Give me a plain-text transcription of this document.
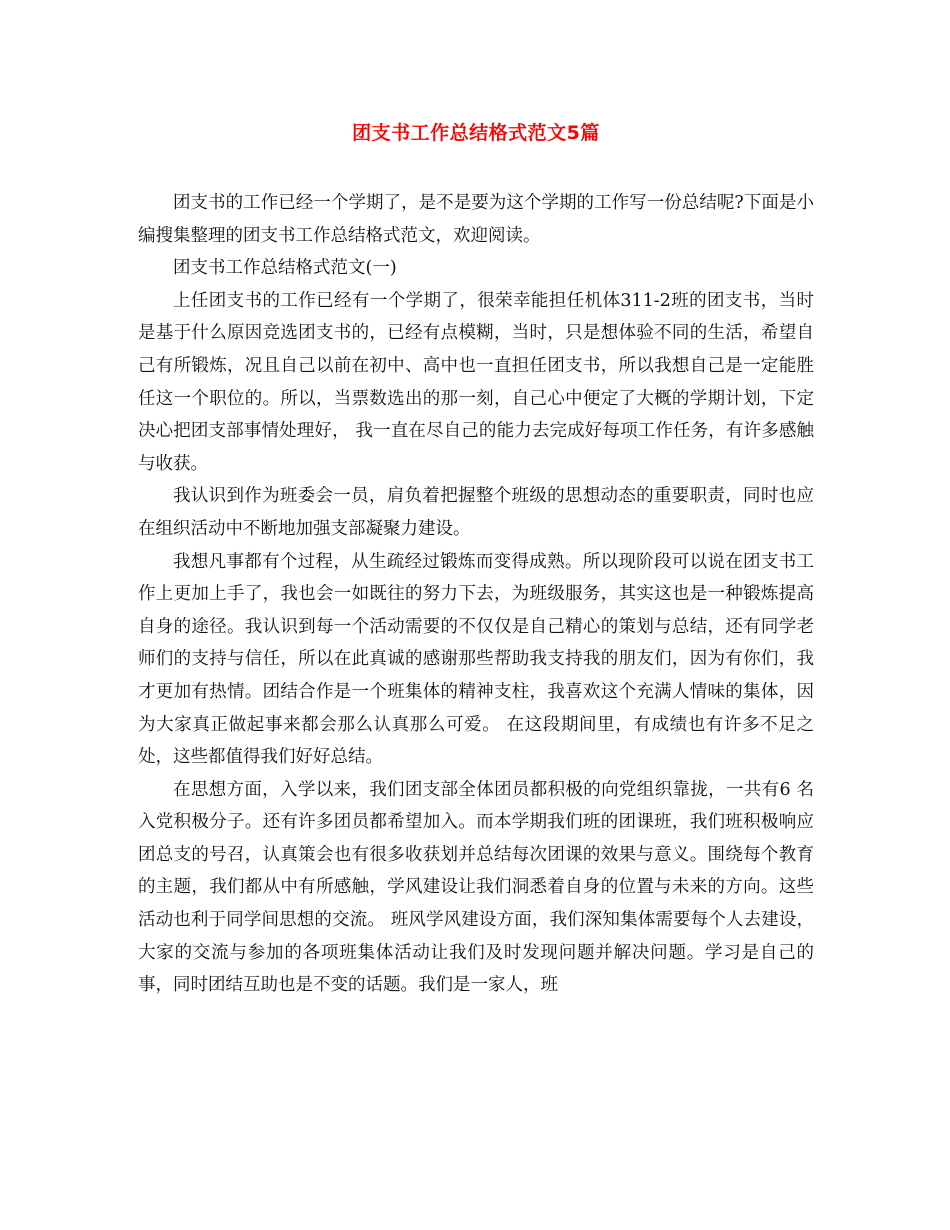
团支书工作总结格式范文5篇

团支书的工作已经一个学期了，是不是要为这个学期的工作写一份总结呢?下面是小编搜集整理的团支书工作总结格式范文，欢迎阅读。

团支书工作总结格式范文(一)

上任团支书的工作已经有一个学期了，很荣幸能担任机体311-2班的团支书，当时是基于什么原因竞选团支书的，已经有点模糊，当时，只是想体验不同的生活，希望自己有所锻炼，况且自己以前在初中、高中也一直担任团支书，所以我想自己是一定能胜任这一个职位的。所以，当票数选出的那一刻，自己心中便定了大概的学期计划，下定决心把团支部事情处理好， 我一直在尽自己的能力去完成好每项工作任务，有许多感触与收获。

我认识到作为班委会一员，肩负着把握整个班级的思想动态的重要职责，同时也应在组织活动中不断地加强支部凝聚力建设。

我想凡事都有个过程，从生疏经过锻炼而变得成熟。所以现阶段可以说在团支书工作上更加上手了，我也会一如既往的努力下去，为班级服务，其实这也是一种锻炼提高自身的途径。我认识到每一个活动需要的不仅仅是自己精心的策划与总结，还有同学老师们的支持与信任，所以在此真诚的感谢那些帮助我支持我的朋友们，因为有你们，我才更加有热情。团结合作是一个班集体的精神支柱，我喜欢这个充满人情味的集体，因为大家真正做起事来都会那么认真那么可爱。 在这段期间里，有成绩也有许多不足之处，这些都值得我们好好总结。

在思想方面，入学以来，我们团支部全体团员都积极的向党组织靠拢，一共有6 名入党积极分子。还有许多团员都希望加入。而本学期我们班的团课班，我们班积极响应团总支的号召，认真策会也有很多收获划并总结每次团课的效果与意义。围绕每个教育的主题，我们都从中有所感触，学风建设让我们洞悉着自身的位置与未来的方向。这些活动也利于同学间思想的交流。 班风学风建设方面，我们深知集体需要每个人去建设，大家的交流与参加的各项班集体活动让我们及时发现问题并解决问题。学习是自己的事，同时团结互助也是不变的话题。我们是一家人，班
